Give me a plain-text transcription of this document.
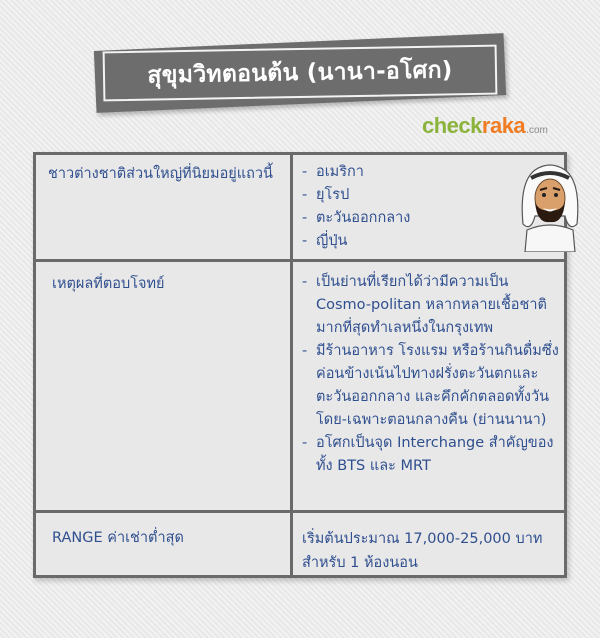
สุขุมวิทตอนต้น (นานา-อโศก)
checkraka.com
ชาวต่างชาติส่วนใหญ่ที่นิยมอยู่แถวนี้	- อเมริกา
- ยุโรป
- ตะวันออกกลาง
- ญี่ปุ่น
เหตุผลที่ตอบโจทย์	- เป็นย่านที่เรียกได้ว่ามีความเป็น Cosmo-politan หลากหลายเชื้อชาติมากที่สุดทำเลหนึ่งในกรุงเทพ
- มีร้านอาหาร โรงแรม หรือร้านกินดื่มซึ่งค่อนข้างเน้นไปทางฝรั่งตะวันตกและตะวันออกกลาง และคึกคักตลอดทั้งวันโดย-เฉพาะตอนกลางคืน (ย่านนานา)
- อโศกเป็นจุด Interchange สำคัญของทั้ง BTS และ MRT
RANGE ค่าเช่าต่ำสุด	เริ่มต้นประมาณ 17,000-25,000 บาท สำหรับ 1 ห้องนอน
